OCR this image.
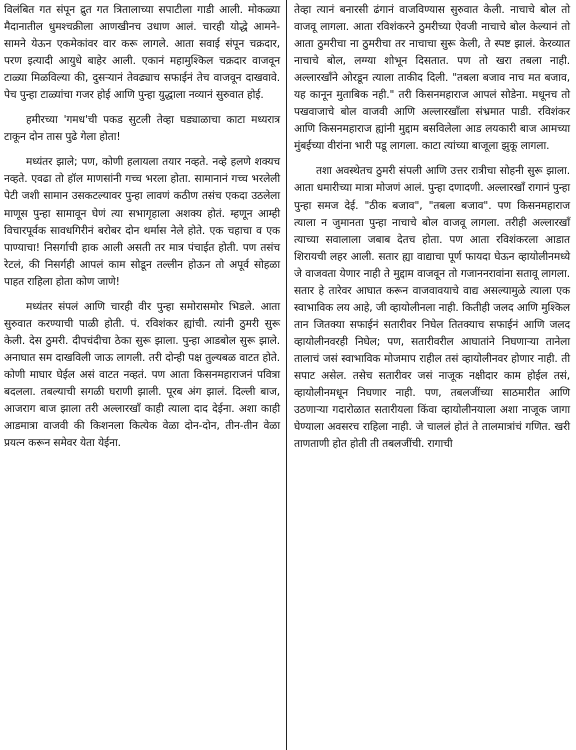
विलंबित गत संपून द्रुत गत त्रितालाच्या सपाटीला गाडी आली. मोकळ्या मैदानातील धुमश्चक्रीला आणखीनच उधाण आलं. चारही योद्धे आमने-सामने येऊन एकमेकांवर वार करू लागले. आता सवाई संपून चक्रदार, परण इत्यादी आयुधे बाहेर आली. एकानं महामुश्किल चक्रदार वाजवून टाळ्या मिळविल्या की, दुसऱ्यानं तेवढ्याच सफाईनं तेच वाजवून दाखवावे. पेच पुन्हा टाळ्यांचा गजर होई आणि पुन्हा युद्धाला नव्यानं सुरुवात होई.

हमीरच्या 'गमध'ची पकड सुटली तेव्हा घड्याळाचा काटा मध्यरात्र टाकून दोन तास पुढे गेला होता!

मध्यंतर झाले; पण, कोणी हलायला तयार नव्हते. नव्हे हलणे शक्यच नव्हते. एवढा तो हॉल माणसांनी गच्च भरला होता. सामानानं गच्च भरलेली पेटी जशी सामान उसकटल्यावर पुन्हा लावणं कठीण तसंच एकदा उठलेला माणूस पुन्हा सामावून घेणं त्या सभागृहाला अशक्य होतं. म्हणून आम्ही विचारपूर्वक सावधगिरीनं बरोबर दोन थर्मास नेले होते. एक चहाचा व एक पाण्याचा! निसर्गाची हाक आली असती तर मात्र पंचाईत होती. पण तसंच रेटलं, की निसर्गही आपलं काम सोडून तल्लीन होऊन तो अपूर्व सोहळा पाहत राहिला होता कोण जाणे!

मध्यंतर संपलं आणि चारही वीर पुन्हा समोरासमोर भिडले. आता सुरुवात करण्याची पाळी होती. पं. रविशंकर ह्यांची. त्यांनी ठुमरी सुरू केली. देस ठुमरी. दीपचंदीचा ठेका सुरू झाला. पुन्हा आडबोल सुरू झाले. अनाघात सम दाखविली जाऊ लागली. तरी दोन्ही पक्ष तुल्यबळ वाटत होते. कोणी माघार घेईल असं वाटत नव्हतं. पण आता किसनमहाराजनं पवित्रा बदलला. तबल्याची सगळी घराणी झाली. पूरब अंग झालं. दिल्ली बाज, आजराग बाज झाला तरी अल्लारखाँ काही त्याला दाद देईना. अशा काही आडमात्रा वाजवी की किशनला कित्येक वेळा दोन-दोन, तीन-तीन वेळा प्रयत्न करून समेवर येता येईना.

तेव्हा त्यानं बनारसी ढंगानं वाजविण्यास सुरुवात केली. नाचाचे बोल तो वाजवू लागला. आता रविशंकरने ठुमरीच्या ऐवजी नाचाचे बोल केल्यानं तो आता ठुमरीचा ना ठुमरीचा तर नाचाचा सुरू केली, ते स्पष्ट झालं. केरव्यात नाचाचे बोल, लग्ग्या शोभून दिसतात. पण तो खरा तबला नाही. अल्लारखाँने ओरडून त्याला ताकीद दिली. "तबला बजाव नाच मत बजाव, यह कानून मुताबिक नही." तरी किसनमहाराज आपलं सोडेना. मधूनच तो पखवाजाचे बोल वाजवी आणि अल्लारखाँला संभ्रमात पाडी. रविशंकर आणि किसनमहाराज ह्यांनी मुद्दाम बसविलेला आड लयकारी बाज आमच्या मुंबईच्या वीरांना भारी पडू लागला. काटा त्यांच्या बाजूला झुकू लागला.

तशा अवस्थेतच ठुमरी संपली आणि उत्तर रात्रीचा सोहनी सुरू झाला. आता धमारीच्या मात्रा मोजणं आलं. पुन्हा दणादणी. अल्लारखाँ रागानं पुन्हा पुन्हा समज देई. "ठीक बजाव", "तबला बजाव". पण किसनमहाराज त्याला न जुमानता पुन्हा नाचाचे बोल वाजवू लागला. तरीही अल्लारखाँ त्याच्या सवालाला जबाब देतच होता. पण आता रविशंकरला आडात शिरायची लहर आली. सतार ह्या वाद्याचा पूर्ण फायदा घेऊन व्हायोलीनमध्ये जे वाजवता येणार नाही ते मुद्दाम वाजवून तो गजाननरावांना सतावू लागला. सतार हे तारेवर आघात करून वाजवावयाचे वाद्य असल्यामुळे त्याला एक स्वाभाविक लय आहे, जी व्हायोलीनला नाही. कितीही जलद आणि मुश्किल तान जितक्या सफाईनं सतारीवर निघेल तितक्याच सफाईनं आणि जलद व्हायोलीनवरही निघेल; पण, सतारीवरील आघातांने निघणाऱ्या तानेला तालाचं जसं स्वाभाविक मोजमाप राहील तसं व्हायोलीनवर होणार नाही. ती सपाट असेल. तसेच सतारीवर जसं नाजूक नक्षीदार काम होईल तसं, व्हायोलीनमधून निघणार नाही. पण, तबलजींच्या साठमारीत आणि उठणाऱ्या गदारोळात सतारीयला किंवा व्हायोलीनयाला अशा नाजूक जागा घेण्याला अवसरच राहिला नाही. जे चाललं होतं ते तालमात्रांचं गणित. खरी ताणताणी होत होती ती तबलजींची. रागाची
